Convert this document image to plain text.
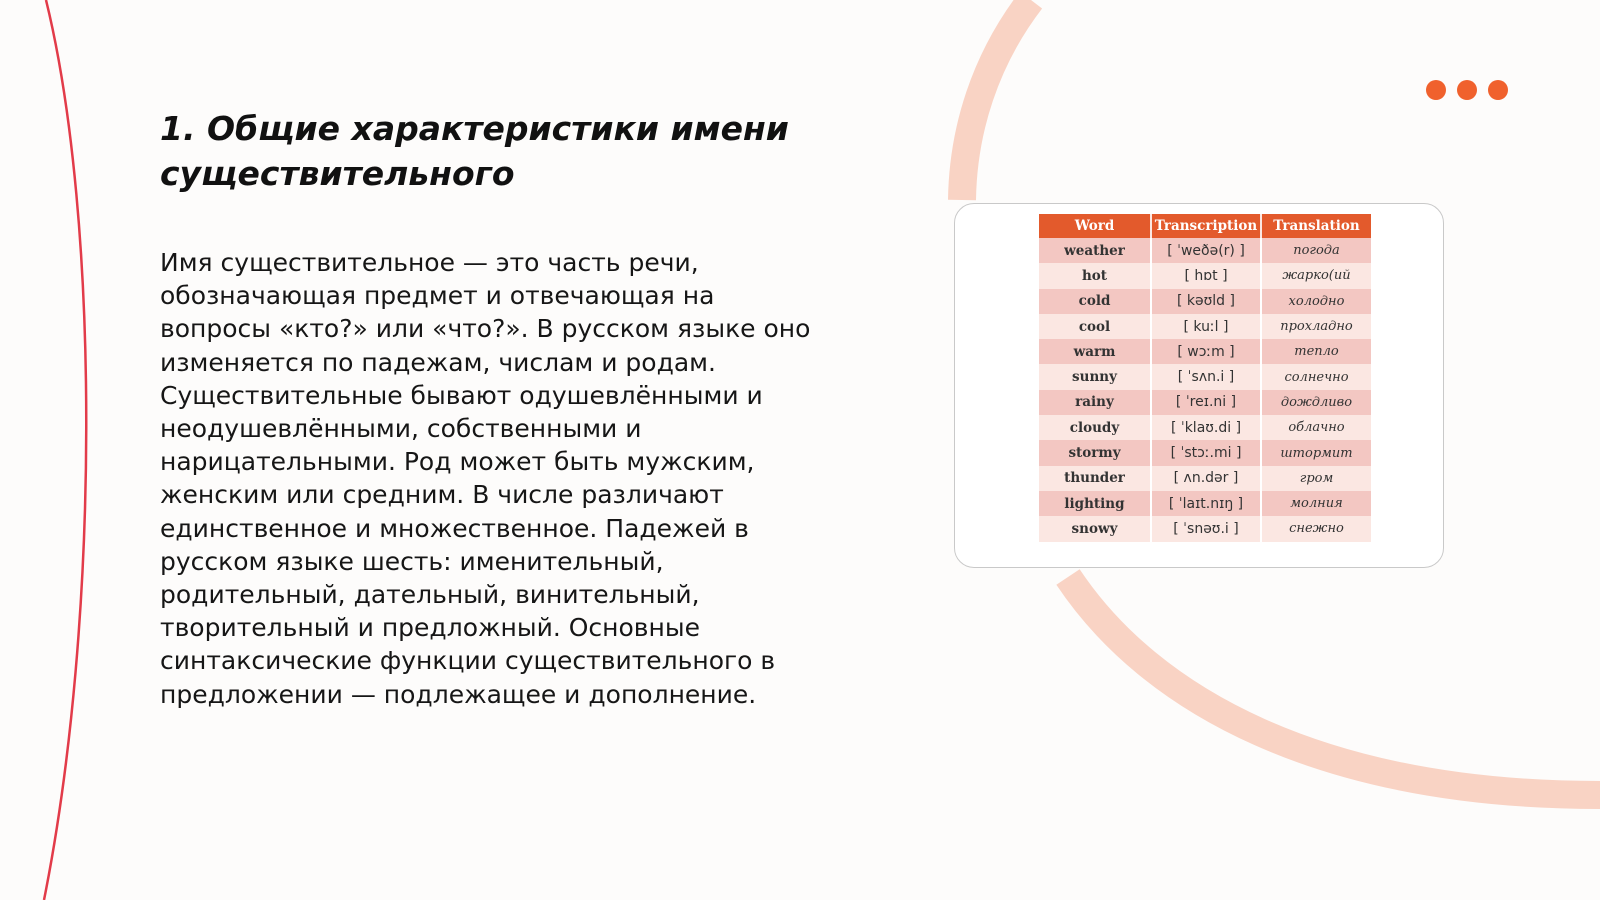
1. Общие характеристики имени существительного

Имя существительное — это часть речи,
обозначающая предмет и отвечающая на
вопросы «кто?» или «что?». В русском языке оно
изменяется по падежам, числам и родам.
Существительные бывают одушевлёнными и
неодушевлёнными, собственными и
нарицательными. Род может быть мужским,
женским или средним. В числе различают
единственное и множественное. Падежей в
русском языке шесть: именительный,
родительный, дательный, винительный,
творительный и предложный. Основные
синтаксические функции существительного в
предложении — подлежащее и дополнение.

Word	Transcription	Translation
weather	[ ˈweðə(r) ]	погода
hot	[ hɒt ]	жарко(ий
cold	[ kəʊld ]	холодно
cool	[ kuːl ]	прохладно
warm	[ wɔːm ]	тепло
sunny	[ ˈsʌn.i ]	солнечно
rainy	[ ˈreɪ.ni ]	дождливо
cloudy	[ ˈklaʊ.di ]	облачно
stormy	[ ˈstɔː.mi ]	штормит
thunder	[ ʌn.dər ]	гром
lighting	[ ˈlaɪt.nɪŋ ]	молния
snowy	[ ˈsnəʊ.i ]	снежно
